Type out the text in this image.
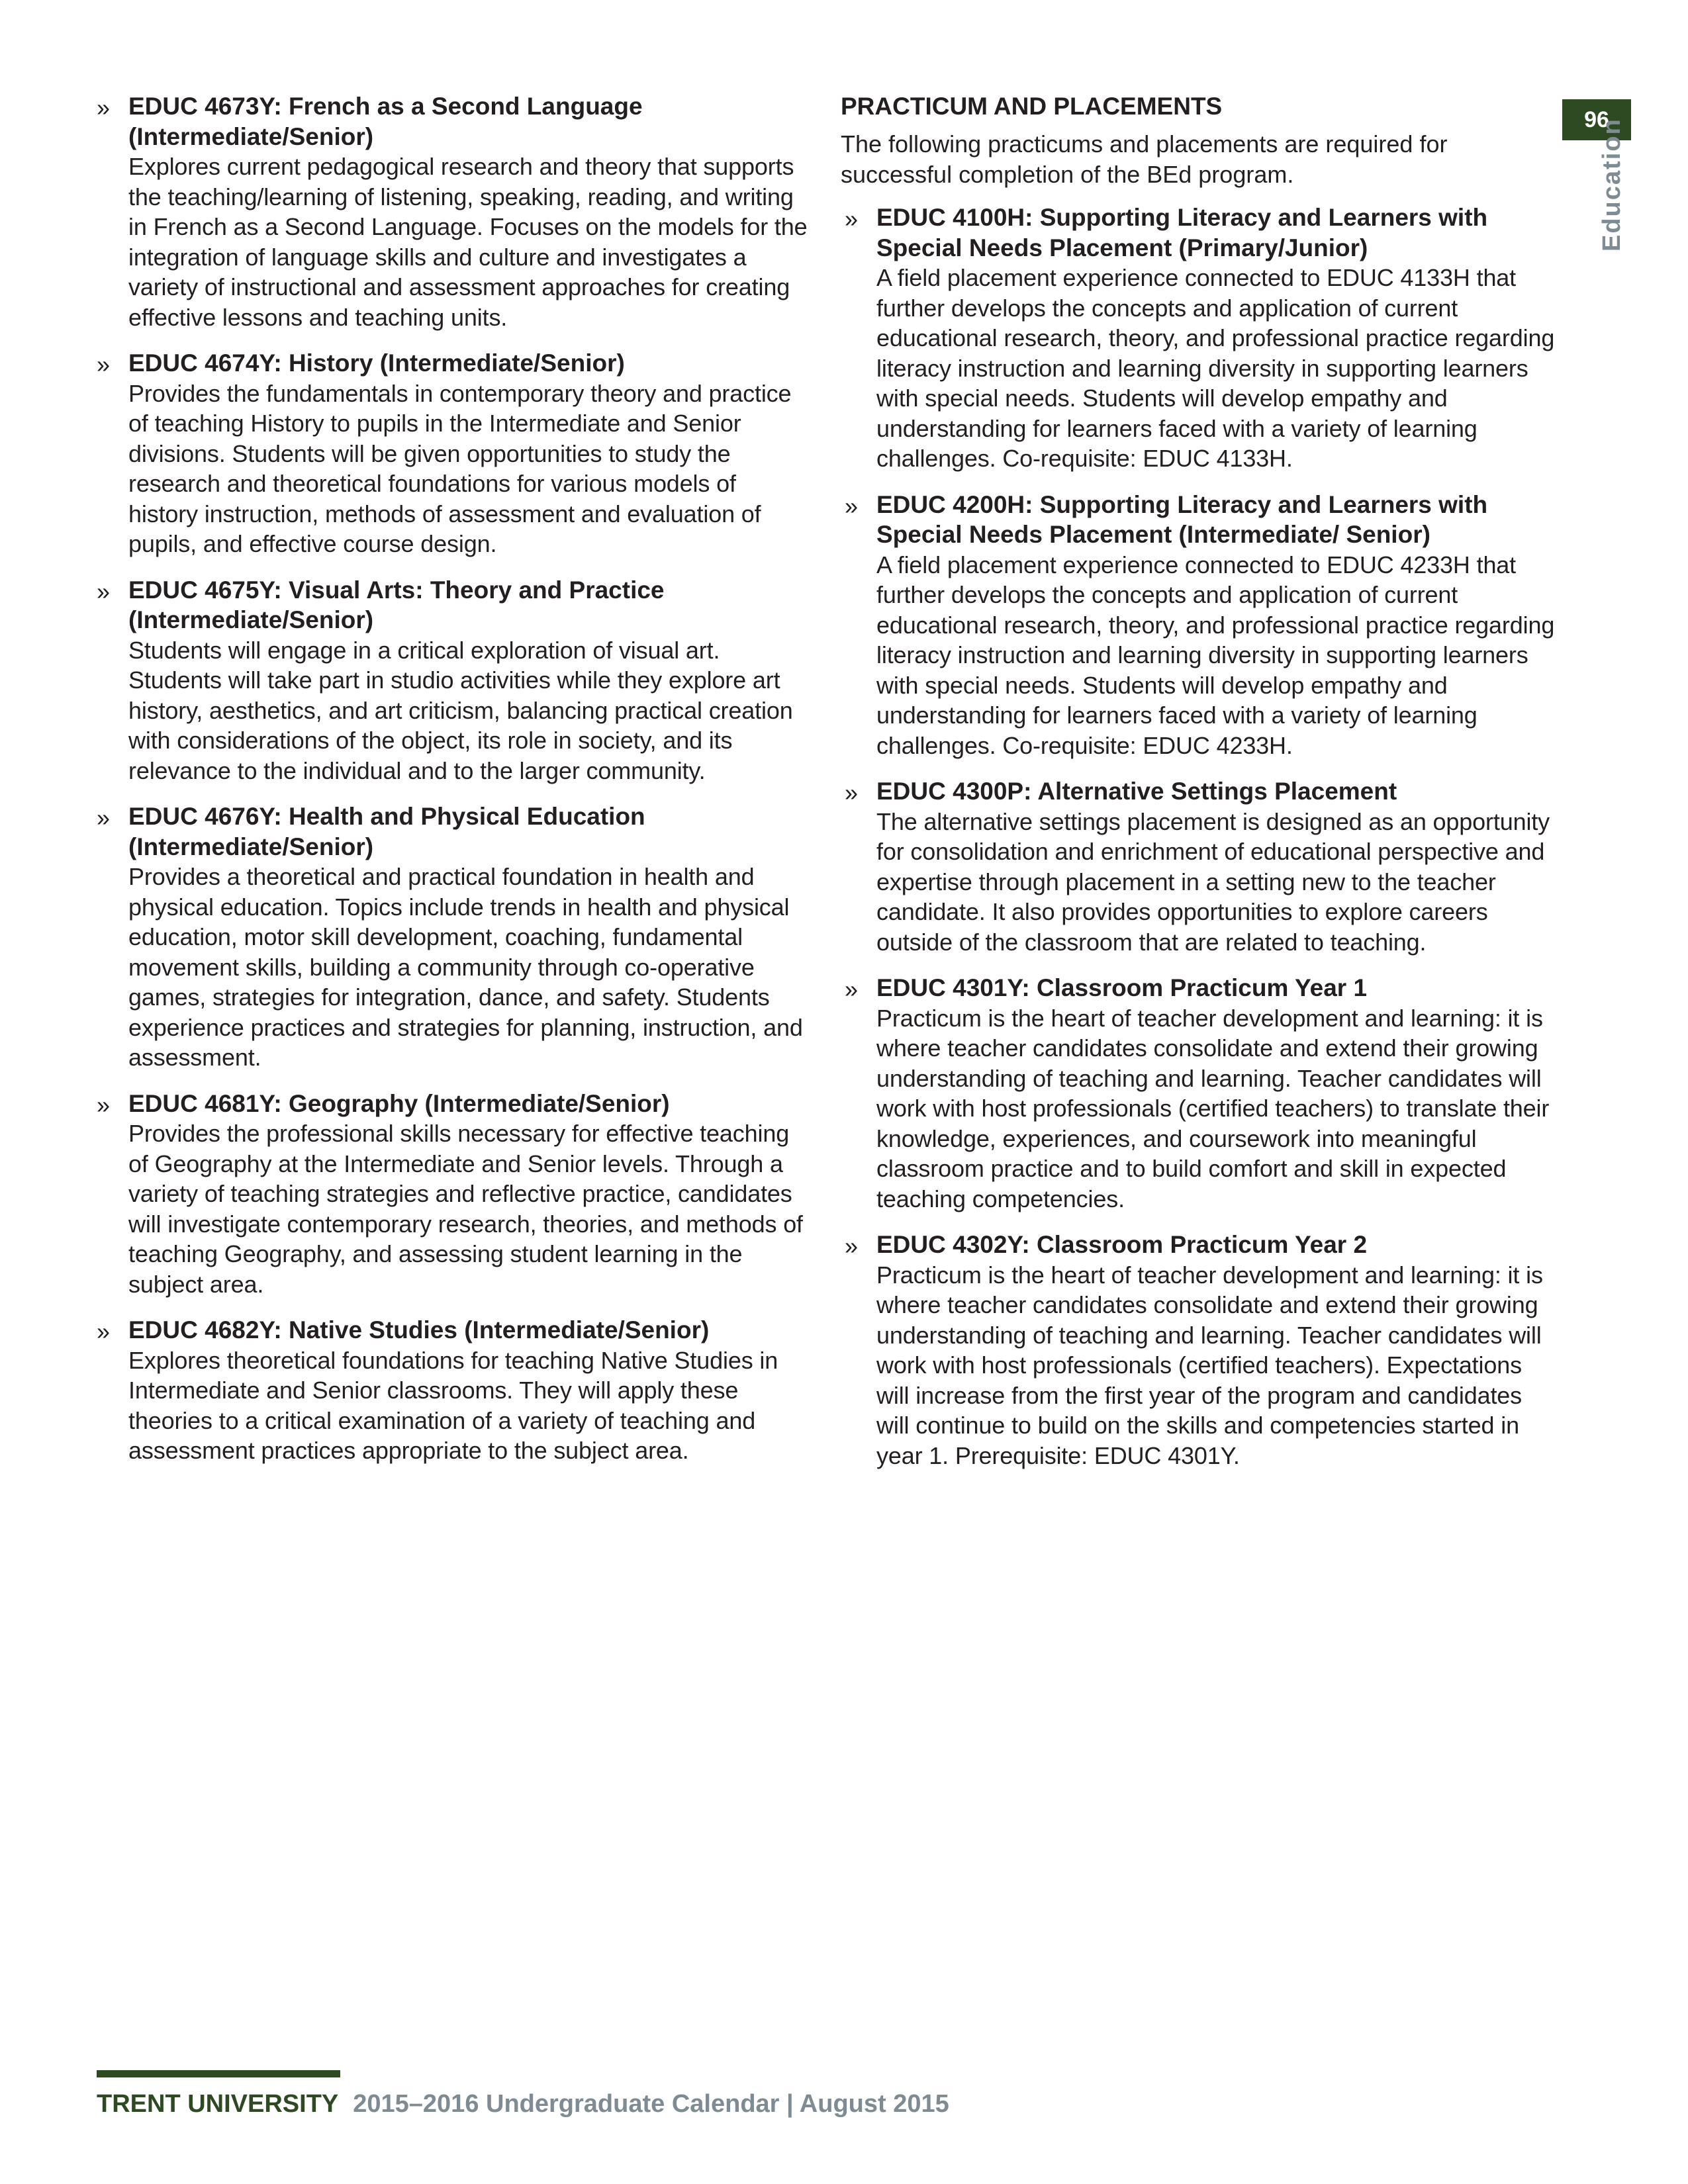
» EDUC 4673Y: French as a Second Language (Intermediate/Senior)
Explores current pedagogical research and theory that supports the teaching/learning of listening, speaking, reading, and writing in French as a Second Language. Focuses on the models for the integration of language skills and culture and investigates a variety of instructional and assessment approaches for creating effective lessons and teaching units.
» EDUC 4674Y: History (Intermediate/Senior)
Provides the fundamentals in contemporary theory and practice of teaching History to pupils in the Intermediate and Senior divisions. Students will be given opportunities to study the research and theoretical foundations for various models of history instruction, methods of assessment and evaluation of pupils, and effective course design.
» EDUC 4675Y: Visual Arts: Theory and Practice (Intermediate/Senior)
Students will engage in a critical exploration of visual art. Students will take part in studio activities while they explore art history, aesthetics, and art criticism, balancing practical creation with considerations of the object, its role in society, and its relevance to the individual and to the larger community.
» EDUC 4676Y: Health and Physical Education (Intermediate/Senior)
Provides a theoretical and practical foundation in health and physical education. Topics include trends in health and physical education, motor skill development, coaching, fundamental movement skills, building a community through co-operative games, strategies for integration, dance, and safety. Students experience practices and strategies for planning, instruction, and assessment.
» EDUC 4681Y: Geography (Intermediate/Senior)
Provides the professional skills necessary for effective teaching of Geography at the Intermediate and Senior levels. Through a variety of teaching strategies and reflective practice, candidates will investigate contemporary research, theories, and methods of teaching Geography, and assessing student learning in the subject area.
» EDUC 4682Y: Native Studies (Intermediate/Senior)
Explores theoretical foundations for teaching Native Studies in Intermediate and Senior classrooms. They will apply these theories to a critical examination of a variety of teaching and assessment practices appropriate to the subject area.
PRACTICUM AND PLACEMENTS
The following practicums and placements are required for successful completion of the BEd program.
» EDUC 4100H: Supporting Literacy and Learners with Special Needs Placement (Primary/Junior)
A field placement experience connected to EDUC 4133H that further develops the concepts and application of current educational research, theory, and professional practice regarding literacy instruction and learning diversity in supporting learners with special needs. Students will develop empathy and understanding for learners faced with a variety of learning challenges. Co-requisite: EDUC 4133H.
» EDUC 4200H: Supporting Literacy and Learners with Special Needs Placement (Intermediate/ Senior)
A field placement experience connected to EDUC 4233H that further develops the concepts and application of current educational research, theory, and professional practice regarding literacy instruction and learning diversity in supporting learners with special needs. Students will develop empathy and understanding for learners faced with a variety of learning challenges. Co-requisite: EDUC 4233H.
» EDUC 4300P: Alternative Settings Placement
The alternative settings placement is designed as an opportunity for consolidation and enrichment of educational perspective and expertise through placement in a setting new to the teacher candidate. It also provides opportunities to explore careers outside of the classroom that are related to teaching.
» EDUC 4301Y: Classroom Practicum Year 1
Practicum is the heart of teacher development and learning: it is where teacher candidates consolidate and extend their growing understanding of teaching and learning. Teacher candidates will work with host professionals (certified teachers) to translate their knowledge, experiences, and coursework into meaningful classroom practice and to build comfort and skill in expected teaching competencies.
» EDUC 4302Y: Classroom Practicum Year 2
Practicum is the heart of teacher development and learning: it is where teacher candidates consolidate and extend their growing understanding of teaching and learning. Teacher candidates will work with host professionals (certified teachers). Expectations will increase from the first year of the program and candidates will continue to build on the skills and competencies started in year 1. Prerequisite: EDUC 4301Y.
96
Education
TRENT UNIVERSITY 2015–2016 Undergraduate Calendar | August 2015
